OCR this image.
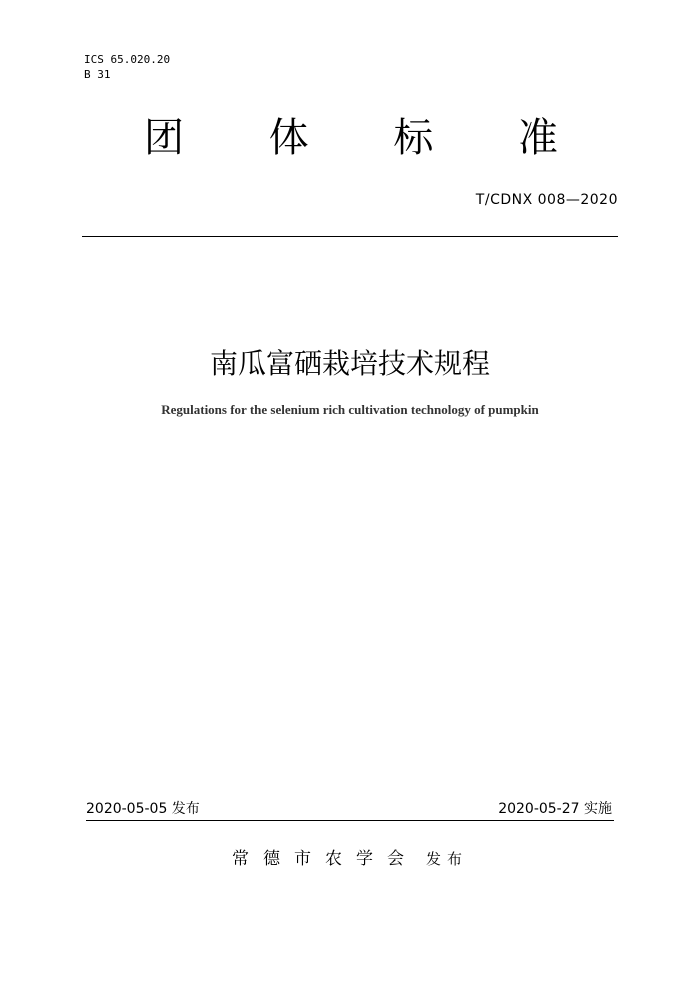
ICS 65.020.20
B 31
团 体 标 准
T/CDNX 008—2020
南瓜富硒栽培技术规程
Regulations for the selenium rich cultivation technology of pumpkin
2020-05-05 发布	2020-05-27 实施
常德市农学会 发布
